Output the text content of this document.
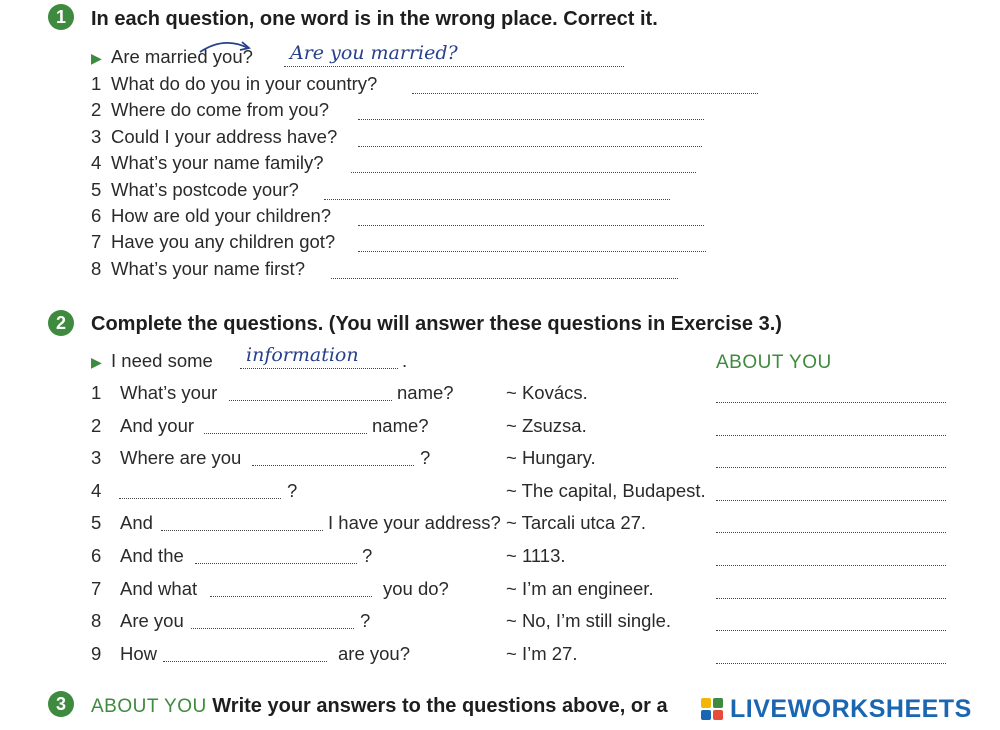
1	In each question, one word is in the wrong place. Correct it.
▶ Are married you? Are you married?
1 What do do you in your country?
2 Where do come from you?
3 Could I your address have?
4 What’s your name family?
5 What’s postcode your?
6 How are old your children?
7 Have you any children got?
8 What’s your name first?
2	Complete the questions. (You will answer these questions in Exercise 3.)
▶ I need some information .	ABOUT YOU
1 What’s your	name?	~ Kovács.
2 And your	name?	~ Zsuzsa.
3 Where are you	?	~ Hungary.
4	?	~ The capital, Budapest.
5 And	I have your address? ~ Tarcali utca 27.
6 And the	?	~ 1113.
7 And what	you do?	~ I’m an engineer.
8 Are you	?	~ No, I’m still single.
9 How	are you?	~ I’m 27.
3	ABOUT YOU Write your answers to the questions above, or a LIVEWORKSHEETS
